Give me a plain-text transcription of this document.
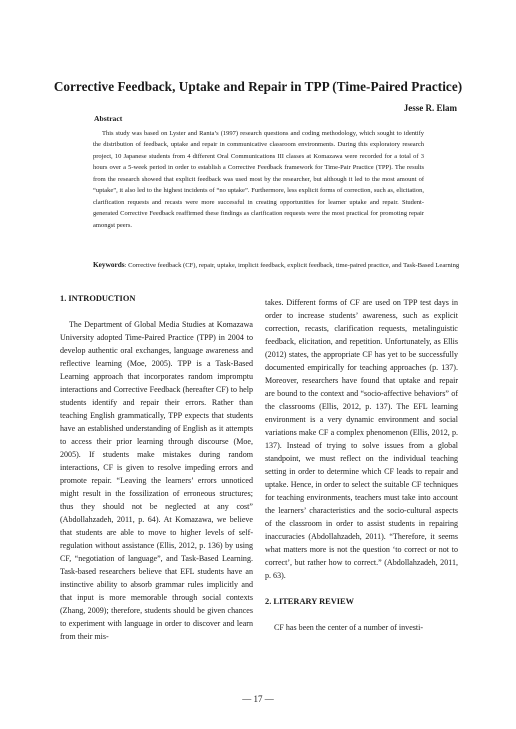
Corrective Feedback, Uptake and Repair in TPP (Time-Paired Practice)
Jesse R. Elam
Abstract

This study was based on Lyster and Ranta’s (1997) research questions and coding methodology, which sought to identify the distribution of feedback, uptake and repair in communicative classroom environments. During this exploratory research project, 10 Japanese students from 4 different Oral Communications III classes at Komazawa were recorded for a total of 3 hours over a 5-week period in order to establish a Corrective Feedback framework for Time-Pair Practice (TPP). The results from the research showed that explicit feedback was used most by the researcher, but although it led to the most amount of “uptake”, it also led to the highest incidents of “no uptake”. Furthermore, less explicit forms of correction, such as, elicitation, clarification requests and recasts were more successful in creating opportunities for learner uptake and repair. Student-generated Corrective Feedback reaffirmed these findings as clarification requests were the most practical for promoting repair amongst peers.

Keywords: Corrective feedback (CF), repair, uptake, implicit feedback, explicit feedback, time-paired practice, and Task-Based Learning

1. INTRODUCTION

The Department of Global Media Studies at Komazawa University adopted Time-Paired Practice (TPP) in 2004 to develop authentic oral exchanges, language awareness and reflective learning (Moe, 2005). TPP is a Task-Based Learning approach that incorporates random impromptu interactions and Corrective Feedback (hereafter CF) to help students identify and repair their errors. Rather than teaching English grammatically, TPP expects that students have an established understanding of English as it attempts to access their prior learning through discourse (Moe, 2005). If students make mistakes during random interactions, CF is given to resolve impeding errors and promote repair. “Leaving the learners’ errors unnoticed might result in the fossilization of erroneous structures; thus they should not be neglected at any cost” (Abdollahzadeh, 2011, p. 64). At Komazawa, we believe that students are able to move to higher levels of self-regulation without assistance (Ellis, 2012, p. 136) by using CF, “negotiation of language”, and Task-Based Learning. Task-based researchers believe that EFL students have an instinctive ability to absorb grammar rules implicitly and that input is more memorable through social contexts (Zhang, 2009); therefore, students should be given chances to experiment with language in order to discover and learn from their mis-

takes. Different forms of CF are used on TPP test days in order to increase students’ awareness, such as explicit correction, recasts, clarification requests, metalinguistic feedback, elicitation, and repetition. Unfortunately, as Ellis (2012) states, the appropriate CF has yet to be successfully documented empirically for teaching approaches (p. 137). Moreover, researchers have found that uptake and repair are bound to the context and “socio-affective behaviors” of the classrooms (Ellis, 2012, p. 137). The EFL learning environment is a very dynamic environment and social variations make CF a complex phenomenon (Ellis, 2012, p. 137). Instead of trying to solve issues from a global standpoint, we must reflect on the individual teaching setting in order to determine which CF leads to repair and uptake. Hence, in order to select the suitable CF techniques for teaching environments, teachers must take into account the learners’ characteristics and the socio-cultural aspects of the classroom in order to assist students in repairing inaccuracies (Abdollahzadeh, 2011). “Therefore, it seems what matters more is not the question ‘to correct or not to correct’, but rather how to correct.” (Abdollahzadeh, 2011, p. 63).

2. LITERARY REVIEW

CF has been the center of a number of investi-

— 17 —
